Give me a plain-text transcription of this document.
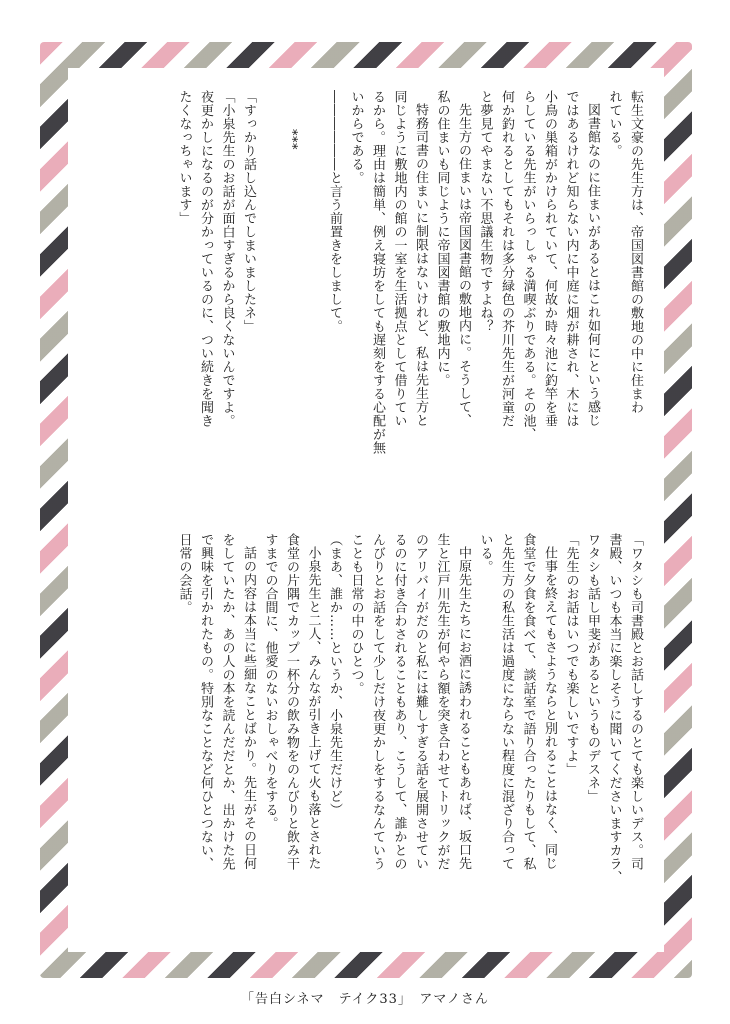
転生文豪の先生方は、帝国図書館の敷地の中に住まわ

れている。

図書館なのに住まいがあるとはこれ如何にという感じ

ではあるけれど知らない内に中庭に畑が耕され、木には

小鳥の巣箱がかけられていて、何故か時々池に釣竿を垂

らしている先生がいらっしゃる満喫ぶりである。その池、

何か釣れるとしてもそれは多分緑色の芥川先生が河童だ

と夢見てやまない不思議生物ですよね？

先生方の住まいは帝国図書館の敷地内に。そうして、

私の住まいも同じように帝国図書館の敷地内に。

特務司書の住まいに制限はないけれど、私は先生方と

同じように敷地内の館の一室を生活拠点として借りてい

るから。理由は簡単、例え寝坊をしても遅刻をする心配が無

いからである。

――――――と言う前置きをしまして。

***

「すっかり話し込んでしまいましたネ」

「小泉先生のお話が面白すぎるから良くないんですよ。

夜更かしになるのが分かっているのに、つい続きを聞き

たくなっちゃいます」

「ワタシも司書殿とお話しするのとても楽しいデス。司

書殿、いつも本当に楽しそうに聞いてくださいますカラ、

ワタシも話し甲斐があるというものデスネ」

「先生のお話はいつでも楽しいですよ」

仕事を終えてもさようならと別れることはなく、同じ

食堂で夕食を食べて、談話室で語り合ったりもして、私

と先生方の私生活は過度にならない程度に混ざり合って

いる。

中原先生たちにお酒に誘われることもあれば、坂口先

生と江戸川先生が何やら額を突き合わせてトリックがだ

のアリバイがだのと私には難しすぎる話を展開させてい

るのに付き合わされることもあり、こうして、誰かとの

んびりとお話をして少しだけ夜更かしをするなんていう

ことも日常の中のひとつ。

（まあ、誰か……というか、小泉先生だけど）

小泉先生と二人、みんなが引き上げて火も落とされた

食堂の片隅でカップ一杯分の飲み物をのんびりと飲み干

すまでの合間に、他愛のないおしゃべりをする。

話の内容は本当に些細なことばかり。先生がその日何

をしていたか、あの人の本を読んだだとか、出かけた先

で興味を引かれたもの。特別なことなど何ひとつない、

日常の会話。

「告白シネマ　テイク33」　アマノさん
